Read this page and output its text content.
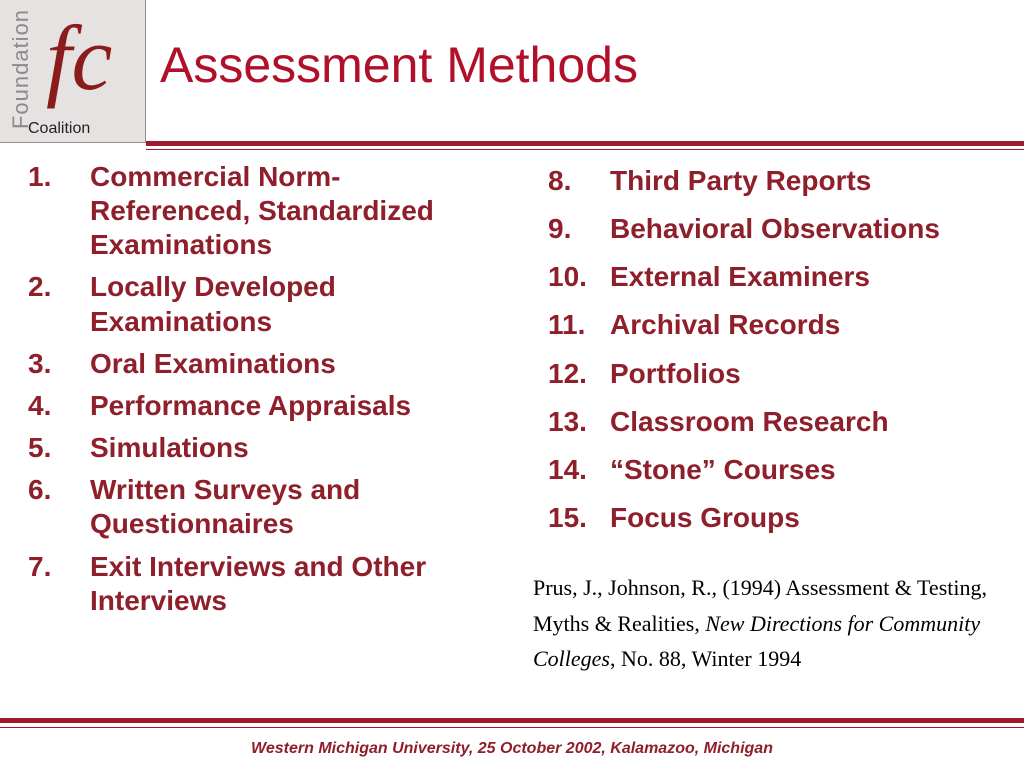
Foundation fc
Coalition
Assessment Methods
1.	Commercial Norm-Referenced, Standardized Examinations
2.	Locally Developed Examinations
3.	Oral Examinations
4.	Performance Appraisals
5.	Simulations
6.	Written Surveys and Questionnaires
7.	Exit Interviews and Other Interviews
8.	Third Party Reports
9.	Behavioral Observations
10. External Examiners
11. Archival Records
12. Portfolios
13. Classroom Research
14. “Stone” Courses
15. Focus Groups
Prus, J., Johnson, R., (1994) Assessment & Testing, Myths & Realities, New Directions for Community Colleges, No. 88, Winter 1994
Western Michigan University, 25 October 2002, Kalamazoo, Michigan
